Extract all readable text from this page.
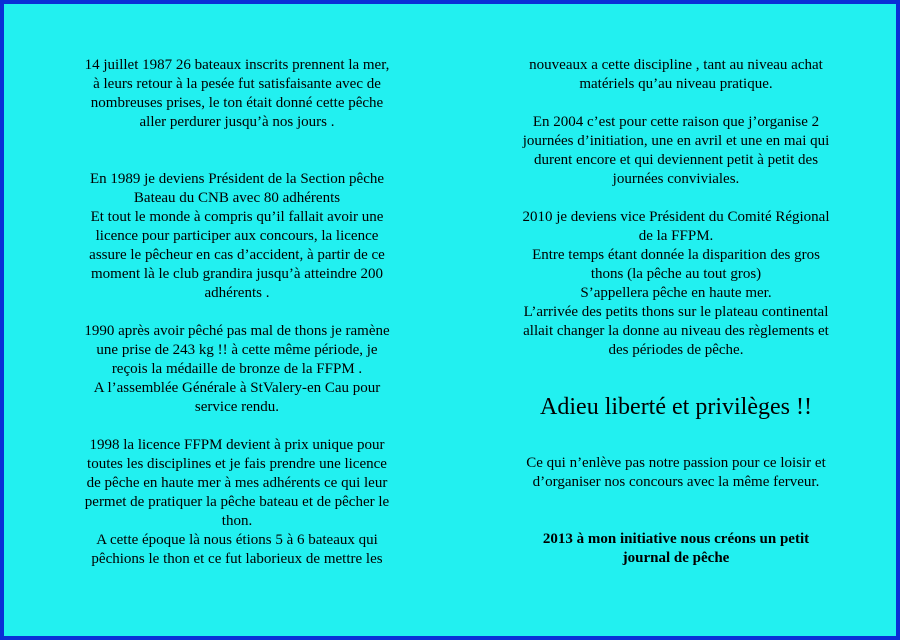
14 juillet 1987 26 bateaux inscrits prennent la mer,
à leurs retour à la pesée fut satisfaisante avec de
nombreuses prises, le ton était donné cette pêche
aller perdurer jusqu’à nos jours .
En 1989 je deviens Président de la Section pêche
Bateau du CNB avec 80 adhérents
Et tout le monde à compris qu’il fallait avoir une
licence pour participer aux concours, la licence
assure le pêcheur en cas d’accident, à partir de ce
moment là le club grandira jusqu’à atteindre 200
adhérents .
1990 après avoir pêché pas mal de thons je ramène
une prise de 243 kg !! à cette même période, je
reçois la médaille de bronze de la FFPM .
A l’assemblée Générale à StValery-en Cau pour
service rendu.
1998 la licence FFPM devient à prix unique pour
toutes les disciplines et je fais prendre une licence
de pêche en haute mer à mes adhérents ce qui leur
permet de pratiquer la pêche bateau et de pêcher le
thon.
A cette époque là nous étions 5 à 6 bateaux qui
pêchions le thon et ce fut laborieux de mettre les
nouveaux a cette discipline , tant au niveau achat
matériels qu’au niveau pratique.
En 2004 c’est pour cette raison que j’organise 2
journées d’initiation, une en avril et une en mai qui
durent encore et qui deviennent petit à petit des
journées conviviales.
2010 je deviens vice Président du Comité Régional
de la FFPM.
Entre temps étant donnée la disparition des gros
thons (la pêche au tout gros)
S’appellera pêche en haute mer.
L’arrivée des petits thons sur le plateau continental
allait changer la donne au niveau des règlements et
des périodes de pêche.
Adieu liberté et privilèges !!
Ce qui n’enlève pas notre passion pour ce loisir et
d’organiser nos concours avec la même ferveur.
2013 à mon initiative nous créons un petit
journal de pêche
